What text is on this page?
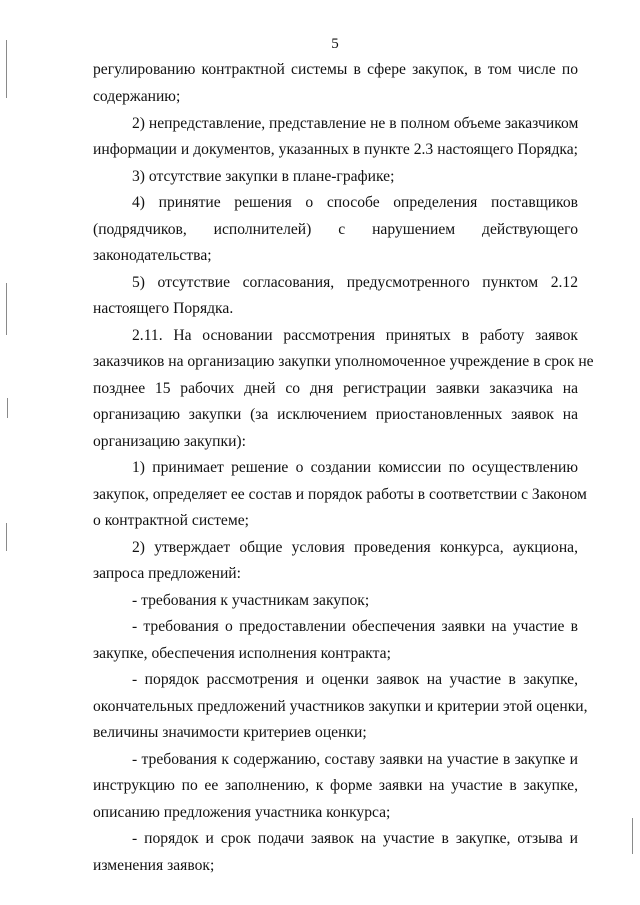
5
регулированию контрактной системы в сфере закупок, в том числе по
содержанию;
2) непредставление, представление не в полном объеме заказчиком
информации и документов, указанных в пункте 2.3 настоящего Порядка;
3) отсутствие закупки в плане-графике;
4) принятие решения о способе определения поставщиков
(подрядчиков, исполнителей) с нарушением действующего
законодательства;
5) отсутствие согласования, предусмотренного пунктом 2.12
настоящего Порядка.
2.11. На основании рассмотрения принятых в работу заявок
заказчиков на организацию закупки уполномоченное учреждение в срок не
позднее 15 рабочих дней со дня регистрации заявки заказчика на
организацию закупки (за исключением приостановленных заявок на
организацию закупки):
1) принимает решение о создании комиссии по осуществлению
закупок, определяет ее состав и порядок работы в соответствии с Законом
о контрактной системе;
2) утверждает общие условия проведения конкурса, аукциона,
запроса предложений:
- требования к участникам закупок;
- требования о предоставлении обеспечения заявки на участие в
закупке, обеспечения исполнения контракта;
- порядок рассмотрения и оценки заявок на участие в закупке,
окончательных предложений участников закупки и критерии этой оценки,
величины значимости критериев оценки;
- требования к содержанию, составу заявки на участие в закупке и
инструкцию по ее заполнению, к форме заявки на участие в закупке,
описанию предложения участника конкурса;
- порядок и срок подачи заявок на участие в закупке, отзыва и
изменения заявок;
